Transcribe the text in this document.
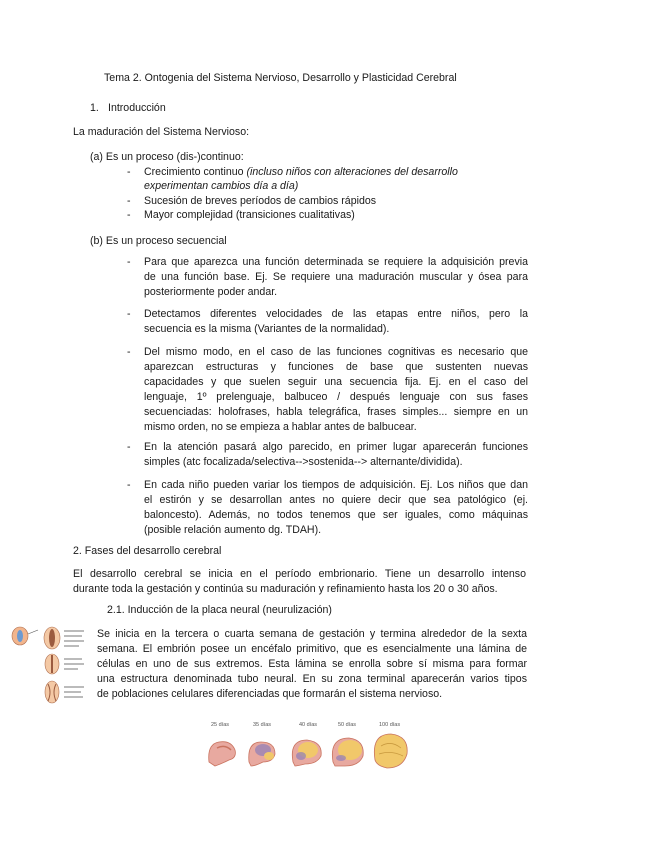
Tema 2. Ontogenia del Sistema Nervioso, Desarrollo y Plasticidad Cerebral
1. Introducción
La maduración del Sistema Nervioso:
(a) Es un proceso (dis-)continuo:
- Crecimiento continuo (incluso niños con alteraciones del desarrollo
experimentan cambios día a día)
- Sucesión de breves períodos de cambios rápidos
- Mayor complejidad (transiciones cualitativas)
(b) Es un proceso secuencial
- Para que aparezca una función determinada se requiere la adquisición previa
de una función base. Ej. Se requiere una maduración muscular y ósea para
posteriormente poder andar.
- Detectamos diferentes velocidades de las etapas entre niños, pero la
secuencia es la misma (Variantes de la normalidad).
- Del mismo modo, en el caso de las funciones cognitivas es necesario que
aparezcan estructuras y funciones de base que sustenten nuevas
capacidades y que suelen seguir una secuencia fija. Ej. en el caso del
lenguaje, 1º prelenguaje, balbuceo / después lenguaje con sus fases
secuenciadas: holofrases, habla telegráfica, frases simples... siempre en un
mismo orden, no se empieza a hablar antes de balbucear.
- En la atención pasará algo parecido, en primer lugar aparecerán funciones
simples (atc focalizada/selectiva-->sostenida--> alternante/dividida).
- En cada niño pueden variar los tiempos de adquisición. Ej. Los niños que dan
el estirón y se desarrollan antes no quiere decir que sea patológico (ej.
baloncesto). Además, no todos tenemos que ser iguales, como máquinas
(posible relación aumento dg. TDAH).
2. Fases del desarrollo cerebral
El desarrollo cerebral se inicia en el período embrionario. Tiene un desarrollo intenso
durante toda la gestación y continúa su maduración y refinamiento hasta los 20 o 30 años.
2.1. Inducción de la placa neural (neurulización)
Se inicia en la tercera o cuarta semana de gestación y termina alrededor de la sexta
semana. El embrión posee un encéfalo primitivo, que es esencialmente una lámina de
células en uno de sus extremos. Esta lámina se enrolla sobre sí misma para formar
una estructura denominada tubo neural. En su zona terminal aparecerán varios tipos
de poblaciones celulares diferenciadas que formarán el sistema nervioso.
25 días	35 días	40 días	50 días	100 días
